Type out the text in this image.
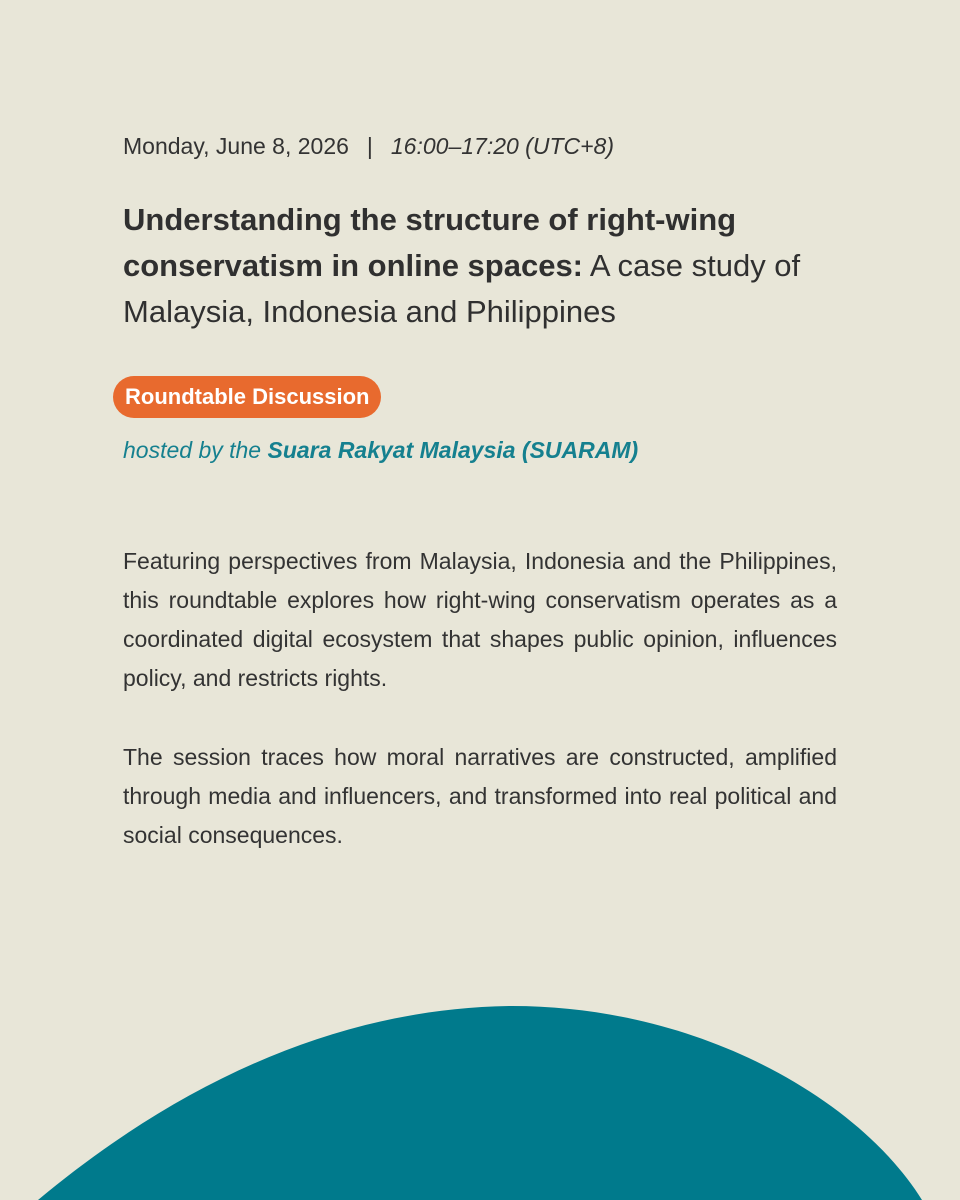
Monday, June 8, 2026 | 16:00–17:20 (UTC+8)
Understanding the structure of right-wing conservatism in online spaces: A case study of Malaysia, Indonesia and Philippines
Roundtable Discussion
hosted by the Suara Rakyat Malaysia (SUARAM)

Featuring perspectives from Malaysia, Indonesia and the Philippines, this roundtable explores how right-wing conservatism operates as a coordinated digital ecosystem that shapes public opinion, influences policy, and restricts rights.

The session traces how moral narratives are constructed, amplified through media and influencers, and transformed into real political and social consequences.
